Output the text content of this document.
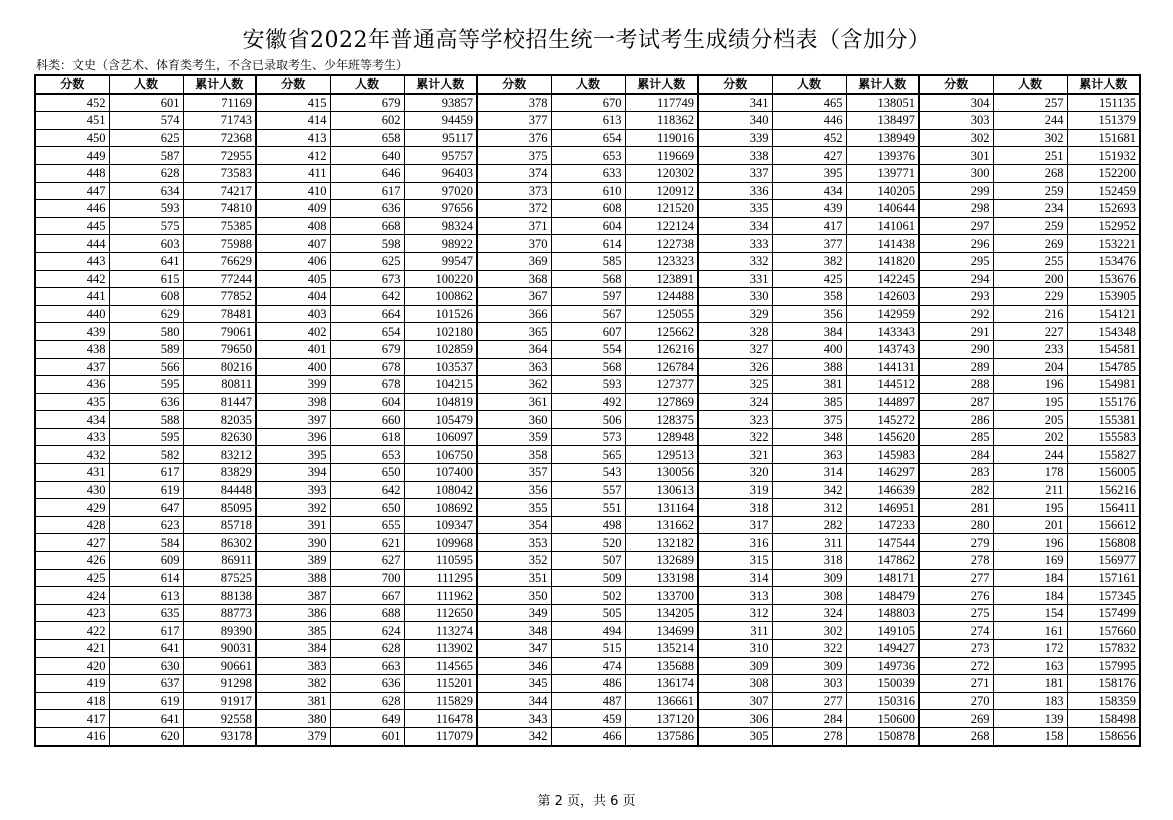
安徽省2022年普通高等学校招生统一考试考生成绩分档表（含加分）
科类：文史（含艺术、体育类考生，不含已录取考生、少年班等考生）
分数	人数	累计人数	分数	人数	累计人数	分数	人数	累计人数	分数	人数	累计人数	分数	人数	累计人数
452	601	71169	415	679	93857	378	670	117749	341	465	138051	304	257	151135
451	574	71743	414	602	94459	377	613	118362	340	446	138497	303	244	151379
450	625	72368	413	658	95117	376	654	119016	339	452	138949	302	302	151681
449	587	72955	412	640	95757	375	653	119669	338	427	139376	301	251	151932
448	628	73583	411	646	96403	374	633	120302	337	395	139771	300	268	152200
447	634	74217	410	617	97020	373	610	120912	336	434	140205	299	259	152459
446	593	74810	409	636	97656	372	608	121520	335	439	140644	298	234	152693
445	575	75385	408	668	98324	371	604	122124	334	417	141061	297	259	152952
444	603	75988	407	598	98922	370	614	122738	333	377	141438	296	269	153221
443	641	76629	406	625	99547	369	585	123323	332	382	141820	295	255	153476
442	615	77244	405	673	100220	368	568	123891	331	425	142245	294	200	153676
441	608	77852	404	642	100862	367	597	124488	330	358	142603	293	229	153905
440	629	78481	403	664	101526	366	567	125055	329	356	142959	292	216	154121
439	580	79061	402	654	102180	365	607	125662	328	384	143343	291	227	154348
438	589	79650	401	679	102859	364	554	126216	327	400	143743	290	233	154581
437	566	80216	400	678	103537	363	568	126784	326	388	144131	289	204	154785
436	595	80811	399	678	104215	362	593	127377	325	381	144512	288	196	154981
435	636	81447	398	604	104819	361	492	127869	324	385	144897	287	195	155176
434	588	82035	397	660	105479	360	506	128375	323	375	145272	286	205	155381
433	595	82630	396	618	106097	359	573	128948	322	348	145620	285	202	155583
432	582	83212	395	653	106750	358	565	129513	321	363	145983	284	244	155827
431	617	83829	394	650	107400	357	543	130056	320	314	146297	283	178	156005
430	619	84448	393	642	108042	356	557	130613	319	342	146639	282	211	156216
429	647	85095	392	650	108692	355	551	131164	318	312	146951	281	195	156411
428	623	85718	391	655	109347	354	498	131662	317	282	147233	280	201	156612
427	584	86302	390	621	109968	353	520	132182	316	311	147544	279	196	156808
426	609	86911	389	627	110595	352	507	132689	315	318	147862	278	169	156977
425	614	87525	388	700	111295	351	509	133198	314	309	148171	277	184	157161
424	613	88138	387	667	111962	350	502	133700	313	308	148479	276	184	157345
423	635	88773	386	688	112650	349	505	134205	312	324	148803	275	154	157499
422	617	89390	385	624	113274	348	494	134699	311	302	149105	274	161	157660
421	641	90031	384	628	113902	347	515	135214	310	322	149427	273	172	157832
420	630	90661	383	663	114565	346	474	135688	309	309	149736	272	163	157995
419	637	91298	382	636	115201	345	486	136174	308	303	150039	271	181	158176
418	619	91917	381	628	115829	344	487	136661	307	277	150316	270	183	158359
417	641	92558	380	649	116478	343	459	137120	306	284	150600	269	139	158498
416	620	93178	379	601	117079	342	466	137586	305	278	150878	268	158	158656
第 2 页，共 6 页
